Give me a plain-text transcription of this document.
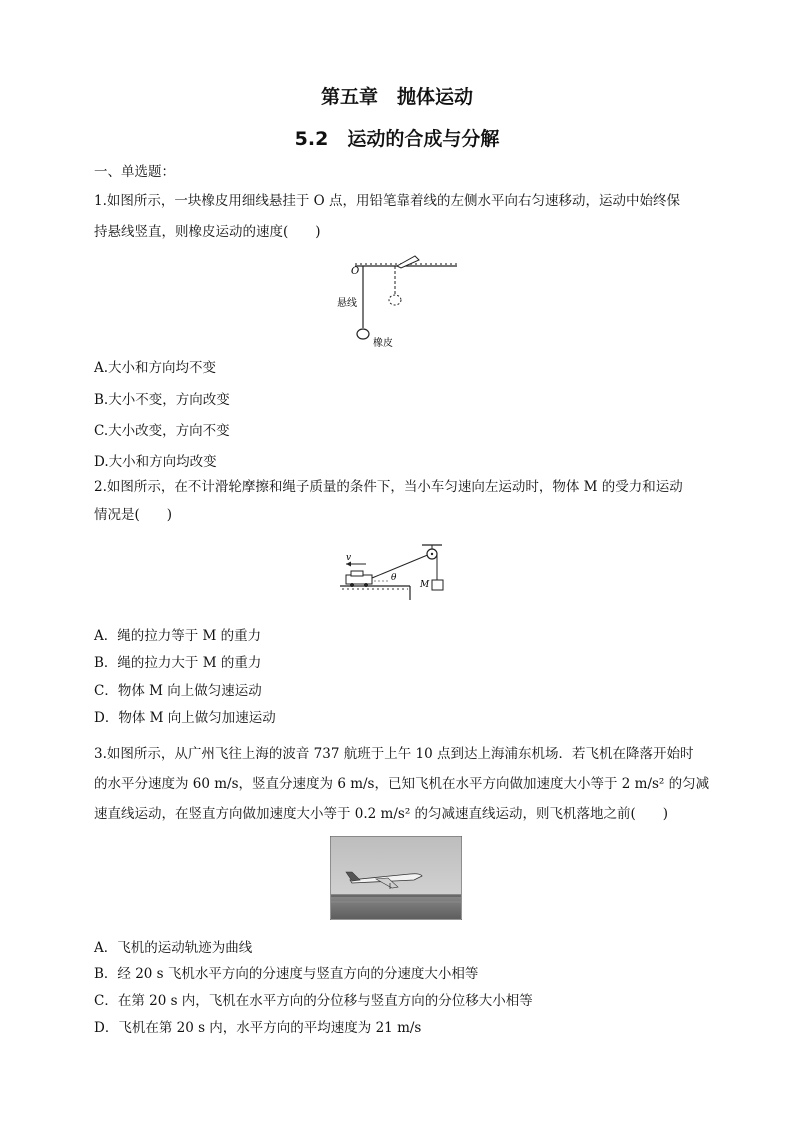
第五章　抛体运动
5.2　运动的合成与分解
一、单选题：
1.如图所示，一块橡皮用细线悬挂于 O 点，用铅笔靠着线的左侧水平向右匀速移动，运动中始终保
持悬线竖直，则橡皮运动的速度(　　)
O
悬线
橡皮
A.大小和方向均不变
B.大小不变，方向改变
C.大小改变，方向不变
D.大小和方向均改变
2.如图所示，在不计滑轮摩擦和绳子质量的条件下，当小车匀速向左运动时，物体 M 的受力和运动
情况是(　　)
v
θ
M
A．绳的拉力等于 M 的重力
B．绳的拉力大于 M 的重力
C．物体 M 向上做匀速运动
D．物体 M 向上做匀加速运动
3.如图所示，从广州飞往上海的波音 737 航班于上午 10 点到达上海浦东机场．若飞机在降落开始时
的水平分速度为 60 m/s，竖直分速度为 6 m/s，已知飞机在水平方向做加速度大小等于 2 m/s² 的匀减
速直线运动，在竖直方向做加速度大小等于 0.2 m/s² 的匀减速直线运动，则飞机落地之前(　　)
A．飞机的运动轨迹为曲线
B．经 20 s 飞机水平方向的分速度与竖直方向的分速度大小相等
C．在第 20 s 内，飞机在水平方向的分位移与竖直方向的分位移大小相等
D．飞机在第 20 s 内，水平方向的平均速度为 21 m/s
